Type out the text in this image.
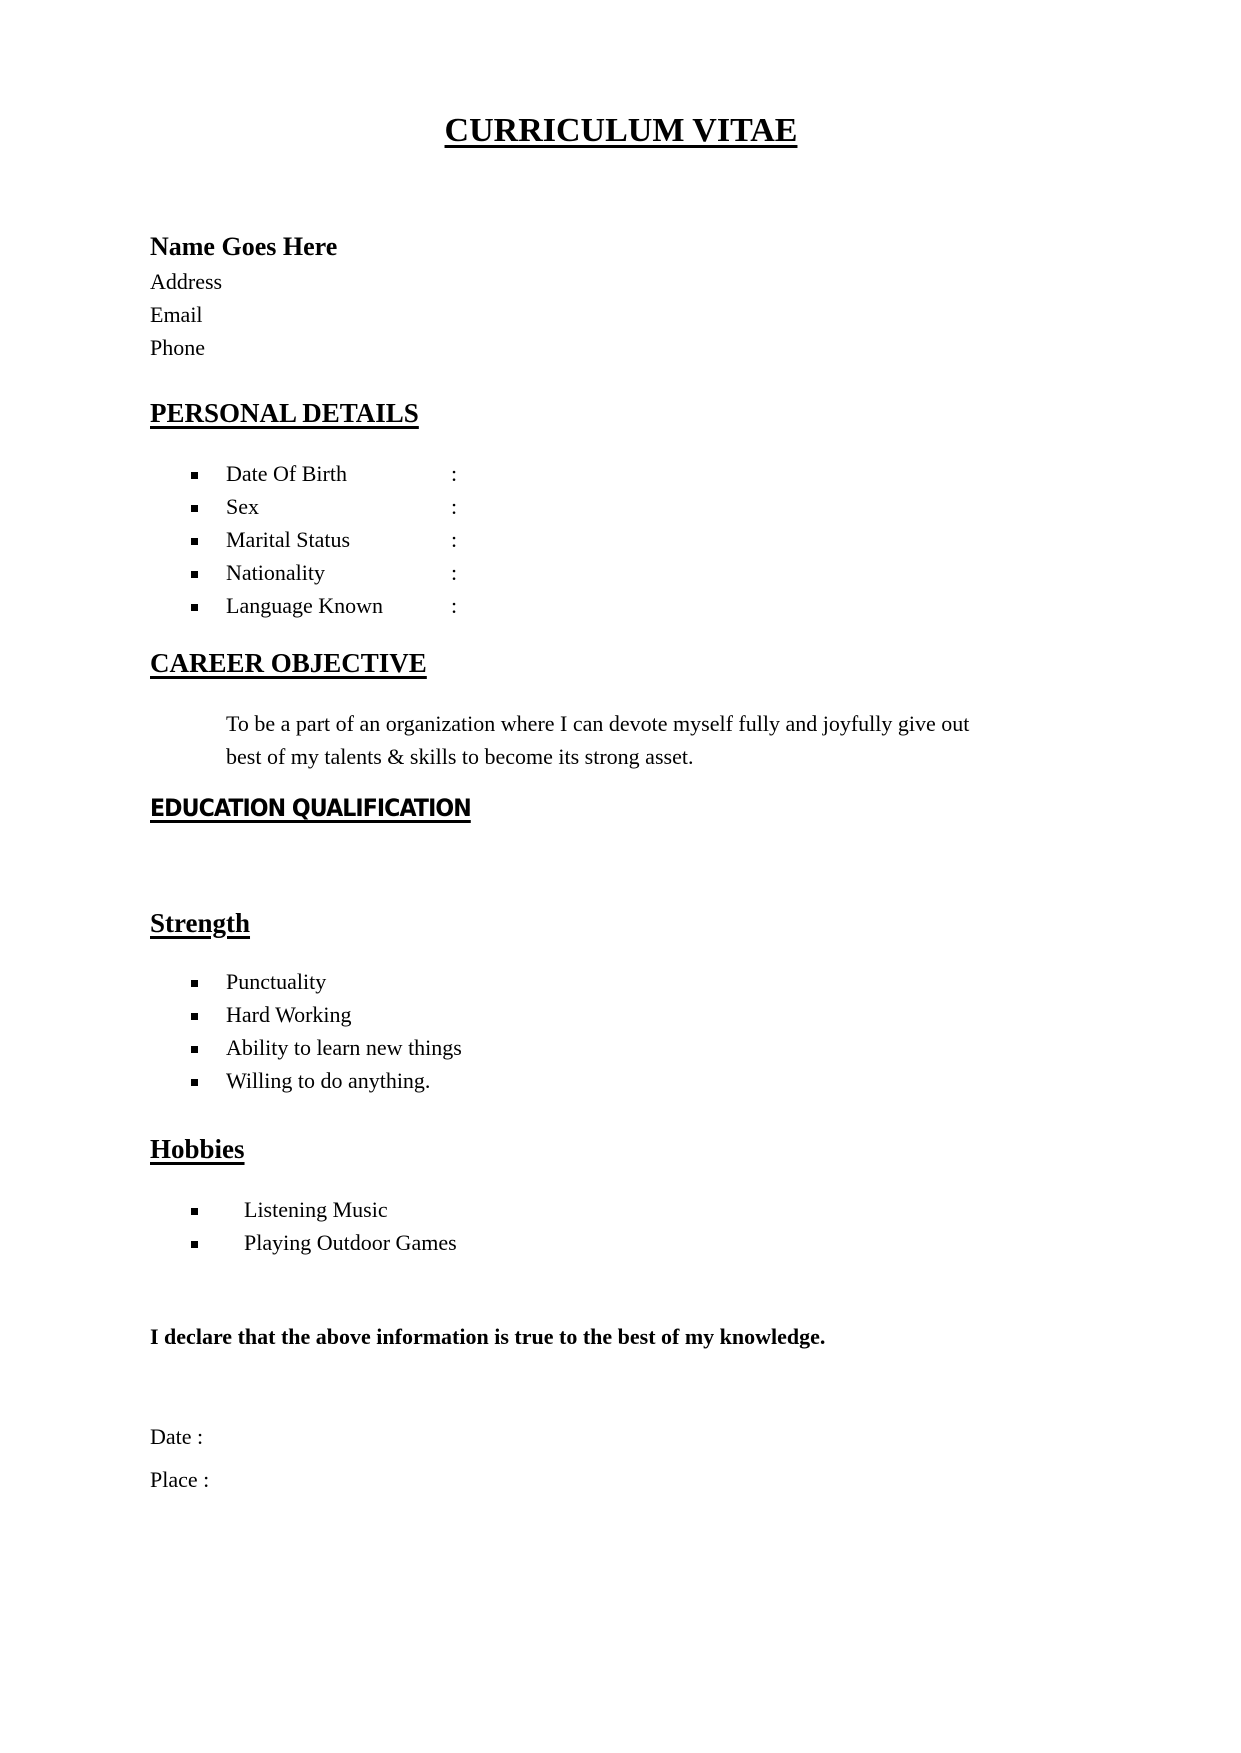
CURRICULUM VITAE
Name Goes Here
Address
Email
Phone
PERSONAL DETAILS
Date Of Birth	:
Sex	:
Marital Status	:
Nationality	:
Language Known	:
CAREER OBJECTIVE
To be a part of an organization where I can devote myself fully and joyfully give out
best of my talents & skills to become its strong asset.
EDUCATION QUALIFICATION
Strength
Punctuality
Hard Working
Ability to learn new things
Willing to do anything.
Hobbies
Listening Music
Playing Outdoor Games
I declare that the above information is true to the best of my knowledge.
Date :
Place :
